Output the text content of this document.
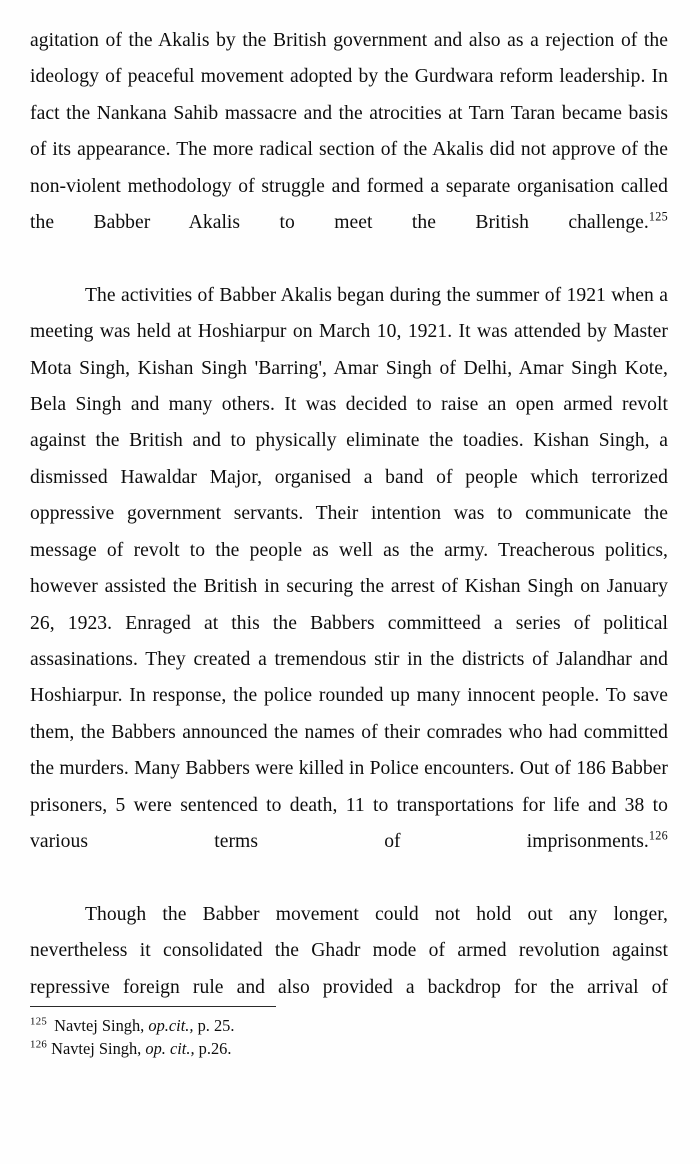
agitation of the Akalis by the British government and also as a rejection of the ideology of peaceful movement adopted by the Gurdwara reform leadership. In fact the Nankana Sahib massacre and the atrocities at Tarn Taran became basis of its appearance. The more radical section of the Akalis did not approve of the non-violent methodology of struggle and formed a separate organisation called the Babber Akalis to meet the British challenge.$^{125}$

The activities of Babber Akalis began during the summer of 1921 when a meeting was held at Hoshiarpur on March 10, 1921. It was attended by Master Mota Singh, Kishan Singh 'Barring', Amar Singh of Delhi, Amar Singh Kote, Bela Singh and many others. It was decided to raise an open armed revolt against the British and to physically eliminate the toadies. Kishan Singh, a dismissed Hawaldar Major, organised a band of people which terrorized oppressive government servants. Their intention was to communicate the message of revolt to the people as well as the army. Treacherous politics, however assisted the British in securing the arrest of Kishan Singh on January 26, 1923. Enraged at this the Babbers committeed a series of political assasinations. They created a tremendous stir in the districts of Jalandhar and Hoshiarpur. In response, the police rounded up many innocent people. To save them, the Babbers announced the names of their comrades who had committed the murders. Many Babbers were killed in Police encounters. Out of 186 Babber prisoners, 5 were sentenced to death, 11 to transportations for life and 38 to various terms of imprisonments.$^{126}$

Though the Babber movement could not hold out any longer, nevertheless it consolidated the Ghadr mode of armed revolution against repressive foreign rule and also provided a backdrop for the arrival of

$^{125}$ Navtej Singh, op.cit., p. 25.

$^{126}$ Navtej Singh, op. cit., p.26.
